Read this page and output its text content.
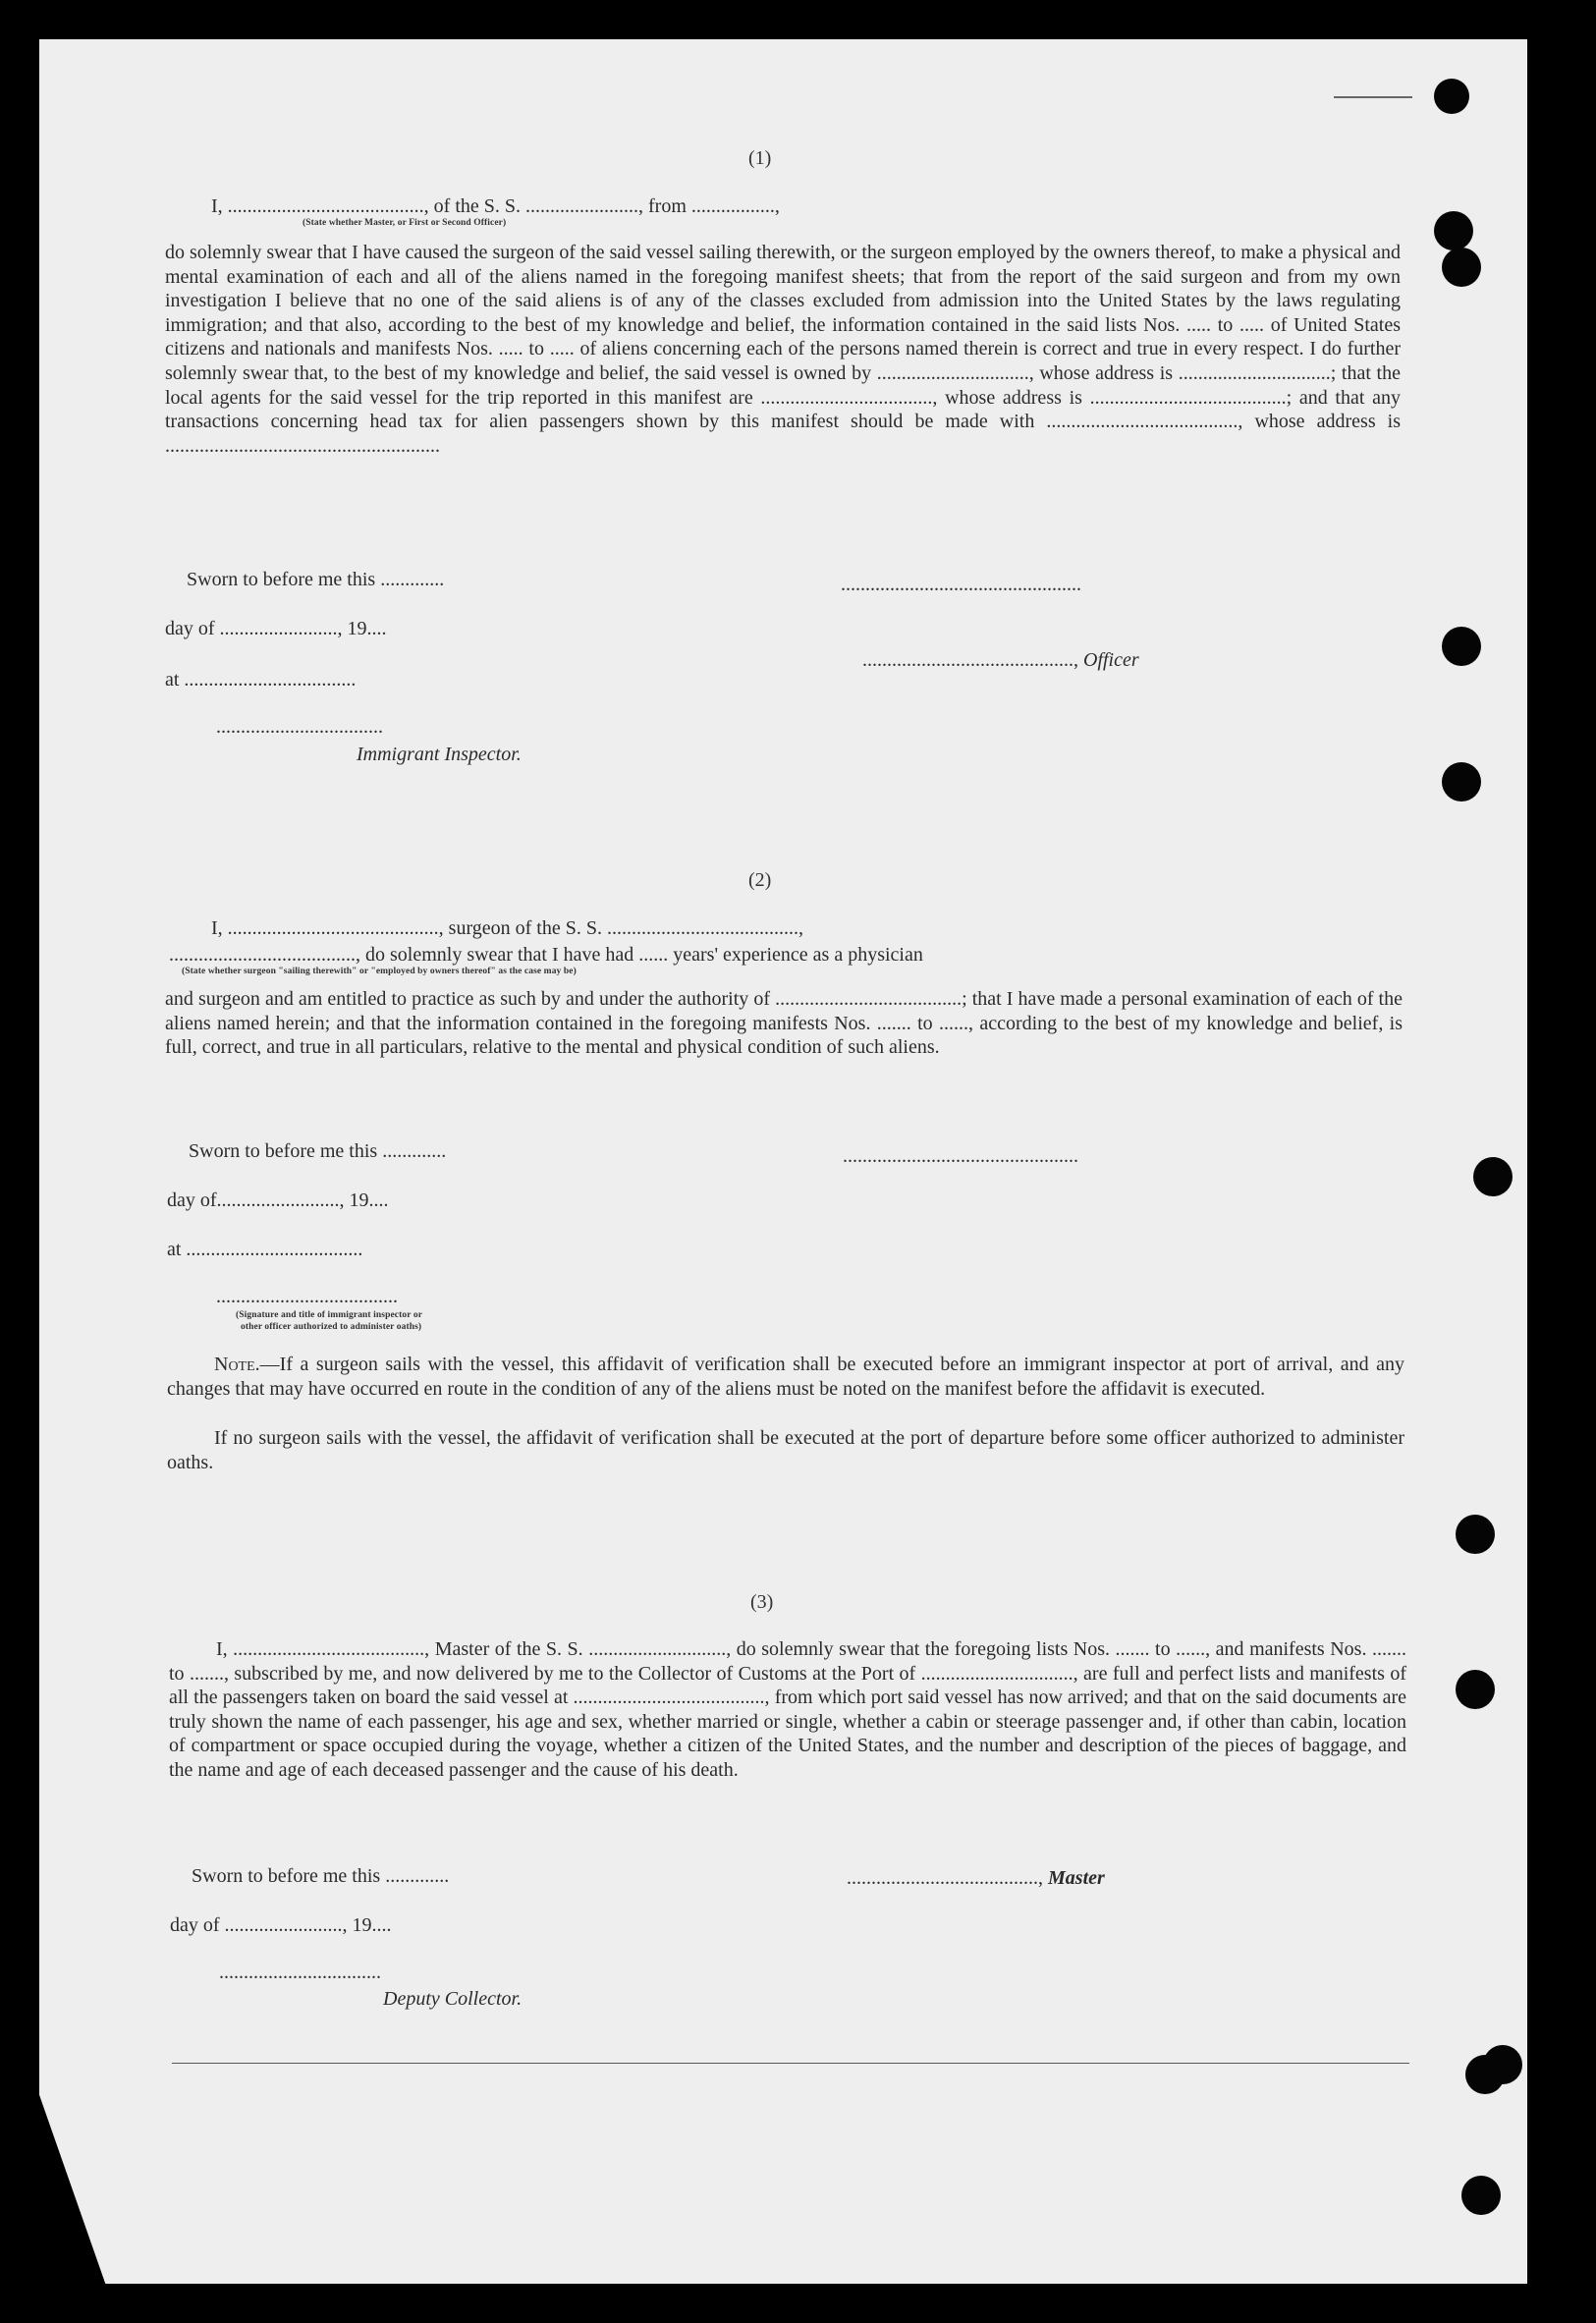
(1)
I, ........................................, of the S. S. ......................., from .................,
(State whether Master, or First or Second Officer)
do solemnly swear that I have caused the surgeon of the said vessel sailing therewith, or the surgeon employed by the owners thereof, to make a physical and mental examination of each and all of the aliens named in the foregoing manifest sheets; that from the report of the said surgeon and from my own investigation I believe that no one of the said aliens is of any of the classes excluded from admission into the United States by the laws regulating immigration; and that also, according to the best of my knowledge and belief, the information contained in the said lists Nos. ..... to ..... of United States citizens and nationals and manifests Nos. ..... to ..... of aliens concerning each of the persons named therein is correct and true in every respect. I do further solemnly swear that, to the best of my knowledge and belief, the said vessel is owned by ..............................., whose address is ...............................; that the local agents for the said vessel for the trip reported in this manifest are ..................................., whose address is ........................................; and that any transactions concerning head tax for alien passengers shown by this manifest should be made with ......................................., whose address is ........................................................
Sworn to before me this .............	.................................................
day of ........................, 19....
..........................................., Officer
at ...................................
..................................
Immigrant Inspector.
(2)
I, ..........................................., surgeon of the S. S. .......................................,
......................................, do solemnly swear that I have had ...... years' experience as a physician
(State whether surgeon "sailing therewith" or "employed by owners thereof" as the case may be)
and surgeon and am entitled to practice as such by and under the authority of ......................................; that I have made a personal examination of each of the aliens named herein; and that the information contained in the foregoing manifests Nos. ....... to ......, according to the best of my knowledge and belief, is full, correct, and true in all particulars, relative to the mental and physical condition of such aliens.
Sworn to before me this .............	................................................
day of........................., 19....
at ....................................
.....................................
(Signature and title of immigrant inspector or
other officer authorized to administer oaths)
Note.—If a surgeon sails with the vessel, this affidavit of verification shall be executed before an immigrant inspector at port of arrival, and any changes that may have occurred en route in the condition of any of the aliens must be noted on the manifest before the affidavit is executed.
If no surgeon sails with the vessel, the affidavit of verification shall be executed at the port of departure before some officer authorized to administer oaths.
(3)
I, ......................................., Master of the S. S. ............................, do solemnly swear that the foregoing lists Nos. ....... to ......, and manifests Nos. ....... to ......., subscribed by me, and now delivered by me to the Collector of Customs at the Port of ..............................., are full and perfect lists and manifests of all the passengers taken on board the said vessel at ......................................., from which port said vessel has now arrived; and that on the said documents are truly shown the name of each passenger, his age and sex, whether married or single, whether a cabin or steerage passenger and, if other than cabin, location of compartment or space occupied during the voyage, whether a citizen of the United States, and the number and description of the pieces of baggage, and the name and age of each deceased passenger and the cause of his death.
Sworn to before me this .............	......................................., Master
day of ........................, 19....
.................................
Deputy Collector.
